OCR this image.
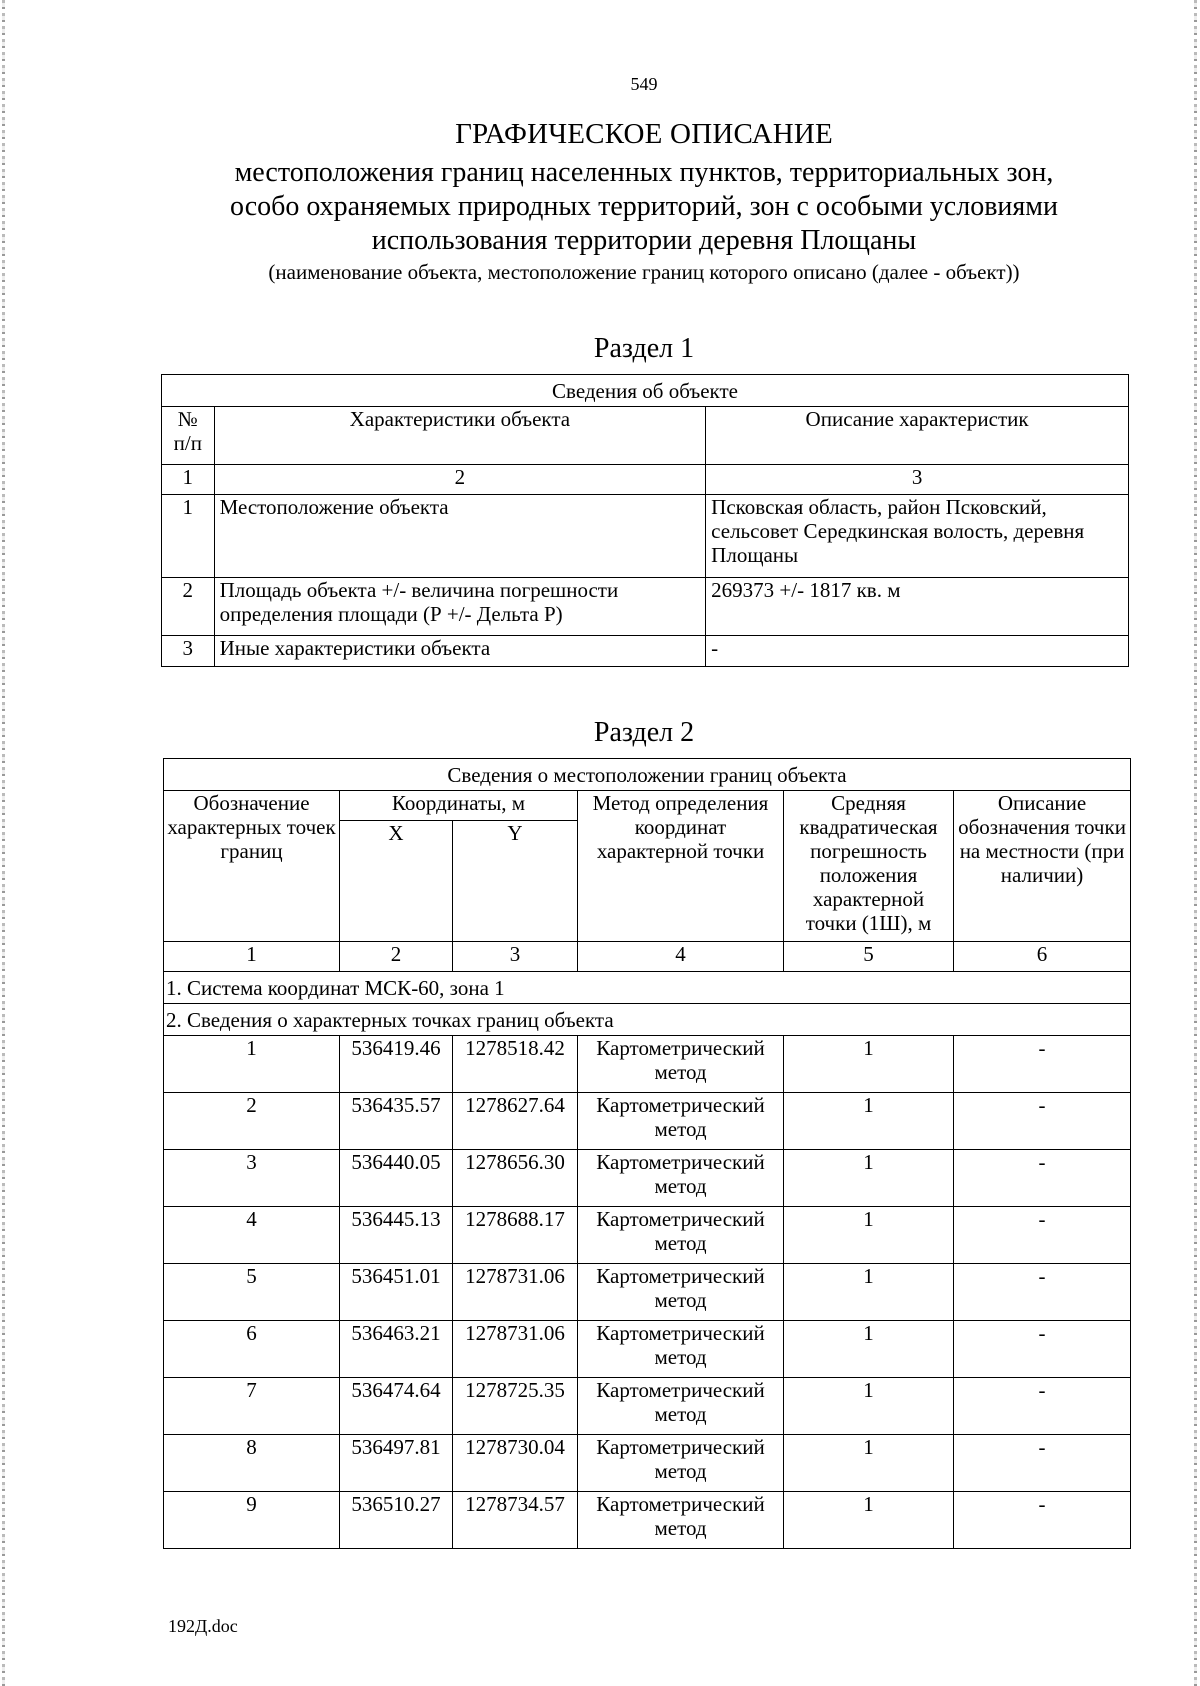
549
ГРАФИЧЕСКОЕ ОПИСАНИЕ
местоположения границ населенных пунктов, территориальных зон,
особо охраняемых природных территорий, зон с особыми условиями
использования территории деревня Площаны
(наименование объекта, местоположение границ которого описано (далее - объект))
Раздел 1
Сведения об объекте		
№ п/п	Характеристики объекта	Описание характеристик
1	2	3
1	Местоположение объекта	Псковская область, район Псковский, сельсовет Середкинская волость, деревня Площаны
2	Площадь объекта +/- величина погрешности определения площади (Р +/- Дельта Р)	269373 +/- 1817 кв. м
3	Иные характеристики объекта	-
Раздел 2
Сведения о местоположении границ объекта					
Обозначение характерных точек границ	Координаты, м		Метод определения координат характерной точки	Средняя квадратическая погрешность положения характерной точки (1Ш), м	Описание обозначения точки на местности (при наличии)
	X	Y			
1	2	3	4	5	6
1. Система координат МСК-60, зона 1					
2. Сведения о характерных точках границ объекта					
1	536419.46	1278518.42	Картометрический метод	1	-
2	536435.57	1278627.64	Картометрический метод	1	-
3	536440.05	1278656.30	Картометрический метод	1	-
4	536445.13	1278688.17	Картометрический метод	1	-
5	536451.01	1278731.06	Картометрический метод	1	-
6	536463.21	1278731.06	Картометрический метод	1	-
7	536474.64	1278725.35	Картометрический метод	1	-
8	536497.81	1278730.04	Картометрический метод	1	-
9	536510.27	1278734.57	Картометрический метод	1	-
192Д.doc
